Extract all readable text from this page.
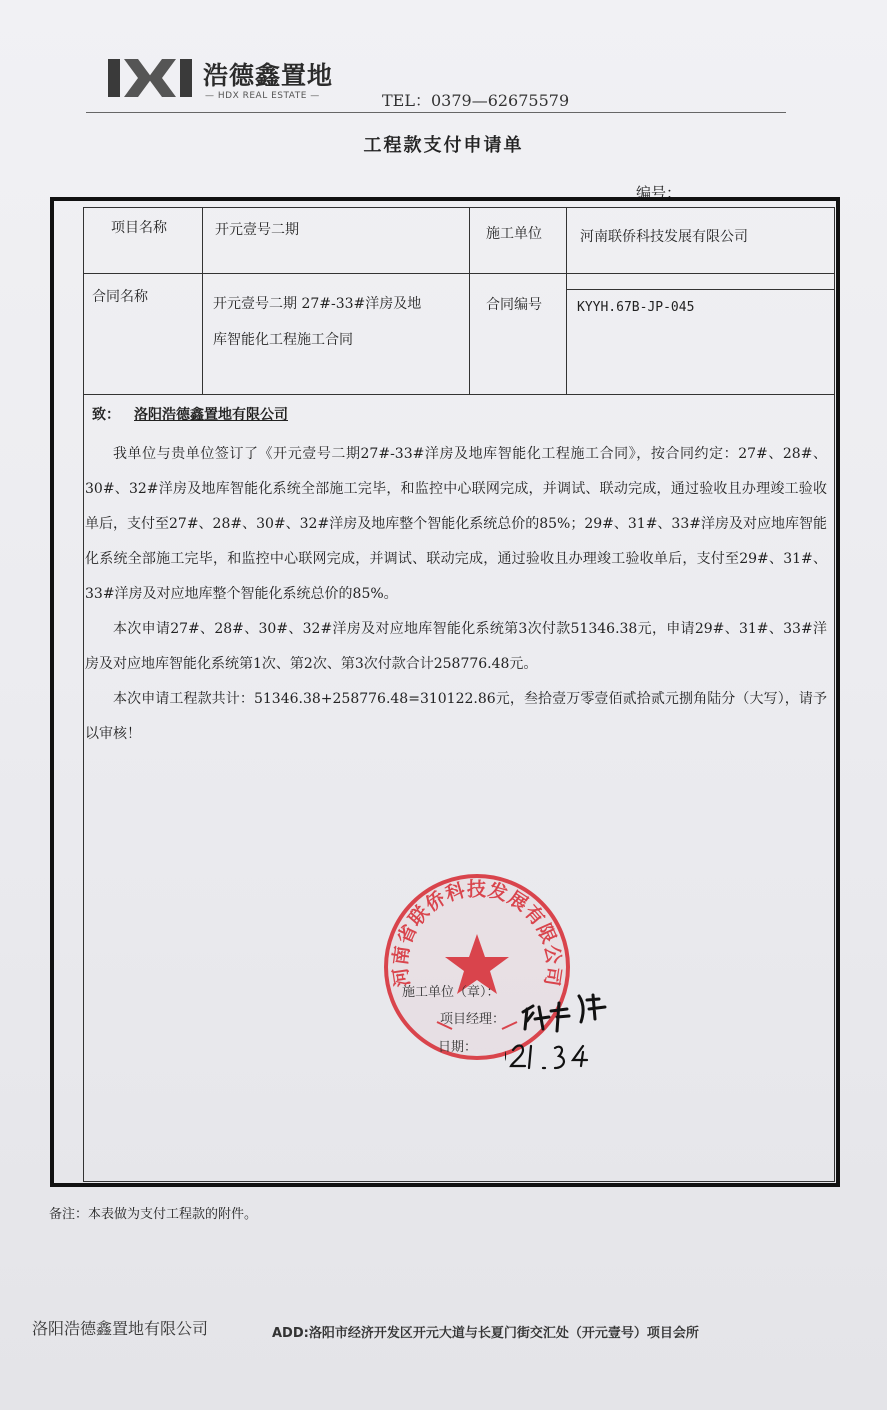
浩德鑫置地
— HDX REAL ESTATE —	TEL：0379—62675579
工程款支付申请单
编号：
项目名称	开元壹号二期	施工单位	河南联侨科技发展有限公司
合同名称	开元壹号二期 27#-33#洋房及地
库智能化工程施工合同
合同编号	KYYH.67B-JP-045
致： 洛阳浩德鑫置地有限公司

我单位与贵单位签订了《开元壹号二期27#-33#洋房及地库智能化工程施工合同》，按合同约定：27#、28#、30#、32#洋房及地库智能化系统全部施工完毕，和监控中心联网完成，并调试、联动完成，通过验收且办理竣工验收单后，支付至27#、28#、30#、32#洋房及地库整个智能化系统总价的85%；29#、31#、33#洋房及对应地库智能化系统全部施工完毕，和监控中心联网完成，并调试、联动完成，通过验收且办理竣工验收单后，支付至29#、31#、33#洋房及对应地库整个智能化系统总价的85%。

本次申请27#、28#、30#、32#洋房及对应地库智能化系统第3次付款51346.38元，申请29#、31#、33#洋房及对应地库智能化系统第1次、第2次、第3次付款合计258776.48元。

本次申请工程款共计：51346.38+258776.48=310122.86元，叁拾壹万零壹佰贰拾贰元捌角陆分（大写），请予以审核！

河南省联侨科技发展有限公司
施工单位（章）：
项目经理：
日期：
备注：本表做为支付工程款的附件。
洛阳浩德鑫置地有限公司	ADD:洛阳市经济开发区开元大道与长夏门街交汇处（开元壹号）项目会所
